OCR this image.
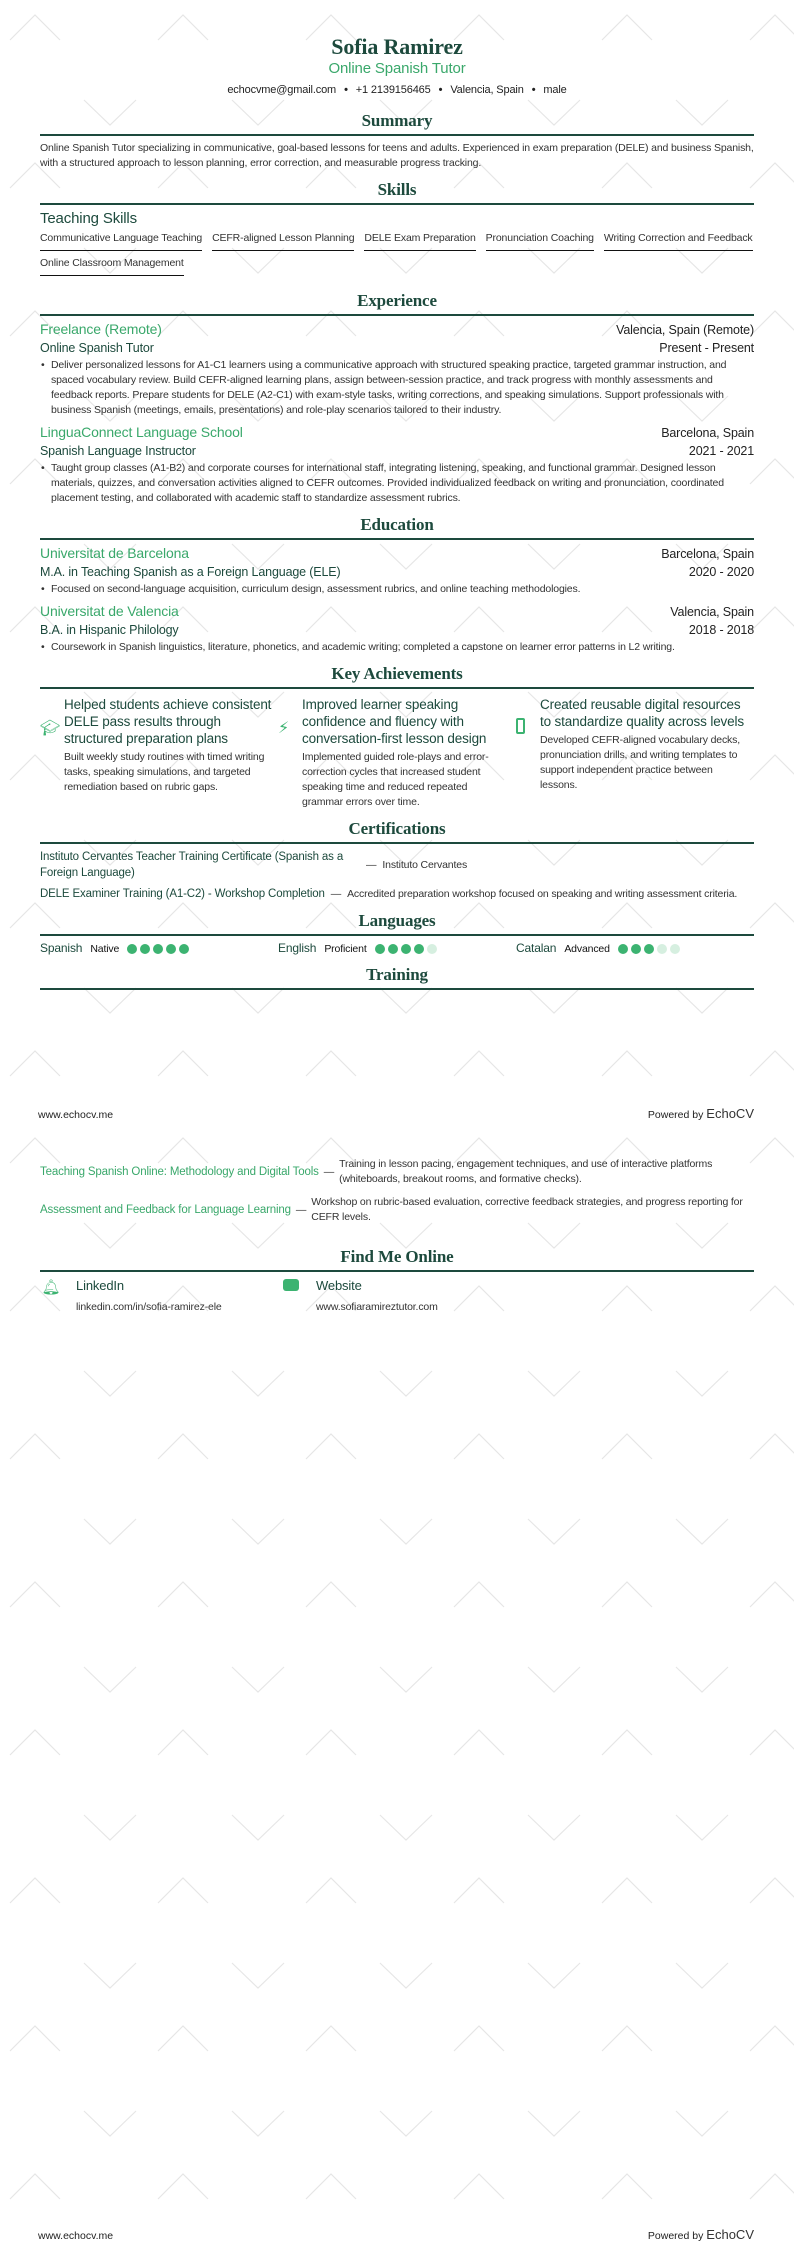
Sofia Ramirez
Online Spanish Tutor
echocvme@gmail.com • +1 2139156465 • Valencia, Spain • male
Summary

Online Spanish Tutor specializing in communicative, goal-based lessons for teens and adults. Experienced in exam preparation (DELE) and business Spanish, with a structured approach to lesson planning, error correction, and measurable progress tracking.

Skills
Teaching Skills
Communicative Language Teaching CEFR-aligned Lesson Planning DELE Exam Preparation Pronunciation Coaching Writing Correction and Feedback
Online Classroom Management
Experience
Freelance (Remote)	Valencia, Spain (Remote)
Online Spanish Tutor	Present - Present
• Deliver personalized lessons for A1-C1 learners using a communicative approach with structured speaking practice, targeted grammar instruction, and spaced vocabulary review. Build CEFR-aligned learning plans, assign between-session practice, and track progress with monthly assessments and feedback reports. Prepare students for DELE (A2-C1) with exam-style tasks, writing corrections, and speaking simulations. Support professionals with business Spanish (meetings, emails, presentations) and role-play scenarios tailored to their industry.
LinguaConnect Language School	Barcelona, Spain
Spanish Language Instructor	2021 - 2021
• Taught group classes (A1-B2) and corporate courses for international staff, integrating listening, speaking, and functional grammar. Designed lesson materials, quizzes, and conversation activities aligned to CEFR outcomes. Provided individualized feedback on writing and pronunciation, coordinated placement testing, and collaborated with academic staff to standardize assessment rubrics.
Education
Universitat de Barcelona	Barcelona, Spain
M.A. in Teaching Spanish as a Foreign Language (ELE)	2020 - 2020
• Focused on second-language acquisition, curriculum design, assessment rubrics, and online teaching methodologies.
Universitat de Valencia	Valencia, Spain
B.A. in Hispanic Philology	2018 - 2018
• Coursework in Spanish linguistics, literature, phonetics, and academic writing; completed a capstone on learner error patterns in L2 writing.
Key Achievements
🎓︎
Helped students achieve consistent DELE pass results through structured preparation plans
Built weekly study routines with timed writing tasks, speaking simulations, and targeted remediation based on rubric gaps.
⚡︎
Improved learner speaking confidence and fluency with conversation-first lesson design
Implemented guided role-plays and error-correction cycles that increased student speaking time and reduced repeated grammar errors over time.
Created reusable digital resources to standardize quality across levels
Developed CEFR-aligned vocabulary decks, pronunciation drills, and writing templates to support independent practice between lessons.
Certifications
Instituto Cervantes Teacher Training Certificate (Spanish as a Foreign Language)
— Instituto Cervantes
DELE Examiner Training (A1-C2) - Workshop Completion — Accredited preparation workshop focused on speaking and writing assessment criteria.
Languages
Spanish Native	English Proficient	Catalan Advanced
Training
www.echocv.me	Powered by EchoCV
Teaching Spanish Online: Methodology and Digital Tools —
Training in lesson pacing, engagement techniques, and use of interactive platforms (whiteboards, breakout rooms, and formative checks).
Assessment and Feedback for Language Learning —
Workshop on rubric-based evaluation, corrective feedback strategies, and progress reporting for CEFR levels.
Find Me Online
🔔︎ LinkedIn
linkedin.com/in/sofia-ramirez-ele
Website
www.sofiaramireztutor.com
www.echocv.me	Powered by EchoCV
